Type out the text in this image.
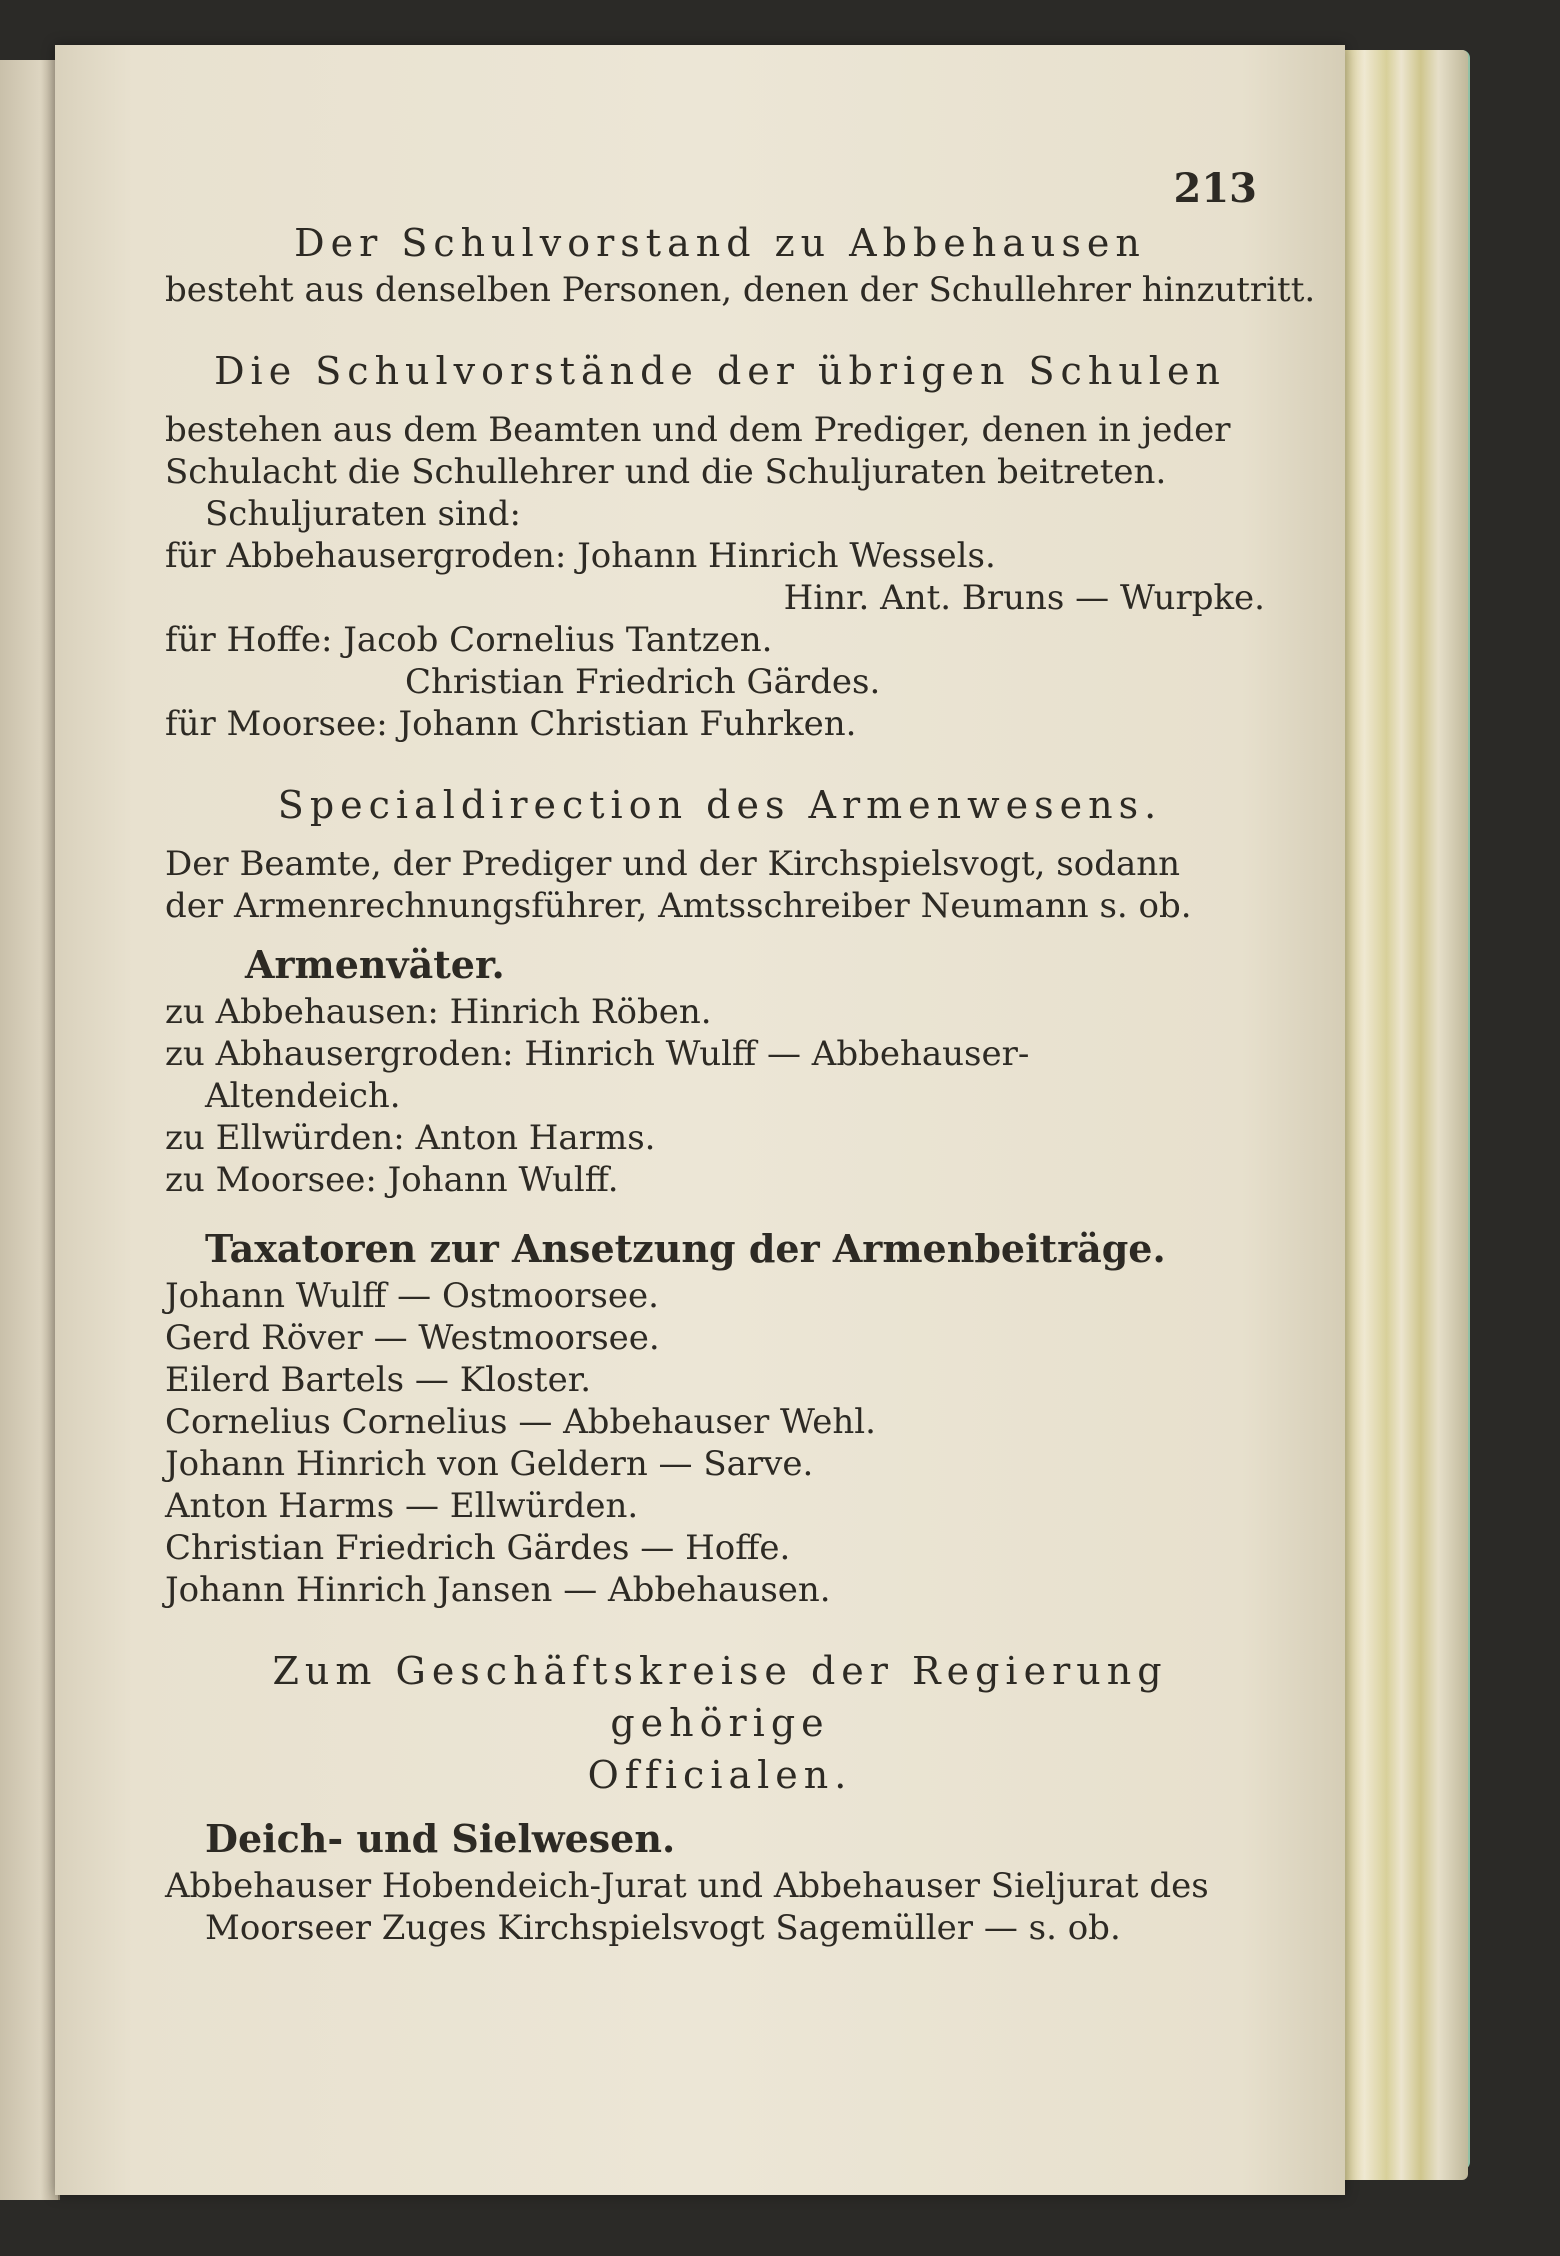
213
Der Schulvorstand zu Abbehausen
besteht aus denselben Personen, denen der Schullehrer hinzutritt.
Die Schulvorstände der übrigen Schulen
bestehen aus dem Beamten und dem Prediger, denen in jeder
Schulacht die Schullehrer und die Schuljuraten beitreten.
Schuljuraten sind:
für Abbehausergroden: Johann Hinrich Wessels.
Hinr. Ant. Bruns — Wurpke.
für Hoffe: Jacob Cornelius Tantzen.
Christian Friedrich Gärdes.
für Moorsee: Johann Christian Fuhrken.
Specialdirection des Armenwesens.
Der Beamte, der Prediger und der Kirchspielsvogt, sodann
der Armenrechnungsführer, Amtsschreiber Neumann s. ob.
Armenväter.
zu Abbehausen: Hinrich Röben.
zu Abhausergroden: Hinrich Wulff — Abbehauser-
Altendeich.
zu Ellwürden: Anton Harms.
zu Moorsee: Johann Wulff.
Taxatoren zur Ansetzung der Armenbeiträge.
Johann Wulff — Ostmoorsee.
Gerd Röver — Westmoorsee.
Eilerd Bartels — Kloster.
Cornelius Cornelius — Abbehauser Wehl.
Johann Hinrich von Geldern — Sarve.
Anton Harms — Ellwürden.
Christian Friedrich Gärdes — Hoffe.
Johann Hinrich Jansen — Abbehausen.
Zum Geschäftskreise der Regierung gehörige
Officialen.
Deich- und Sielwesen.
Abbehauser Hobendeich-Jurat und Abbehauser Sieljurat des
Moorseer Zuges Kirchspielsvogt Sagemüller — s. ob.
